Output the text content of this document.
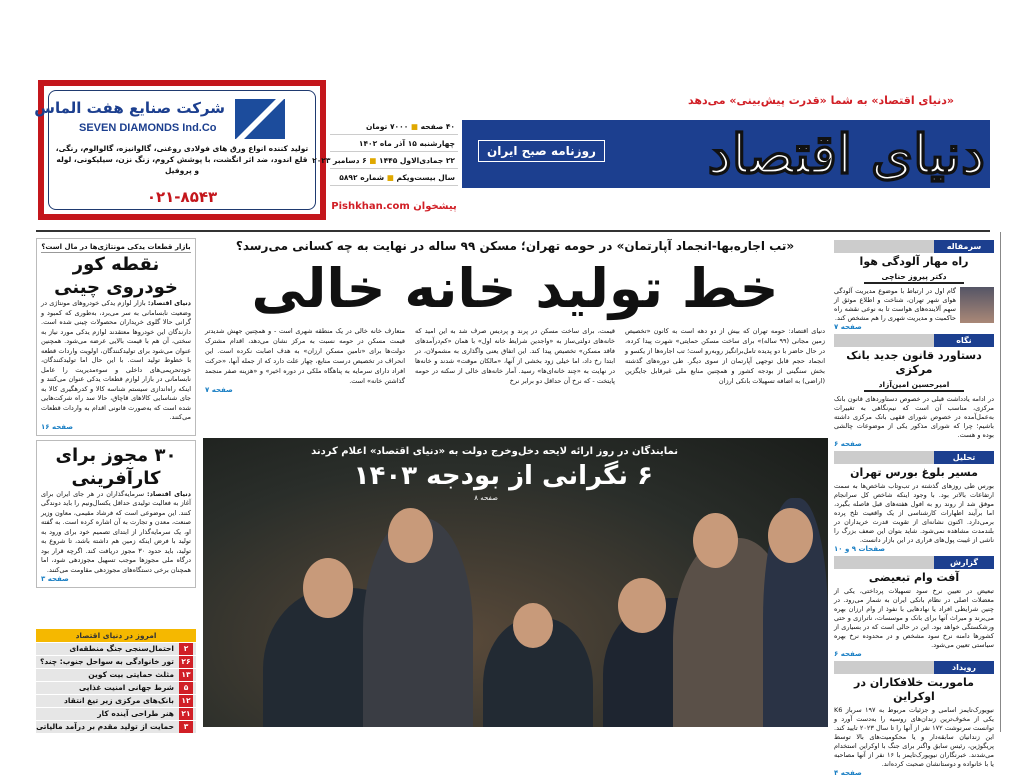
شرکت صنایع هفت الماس
SEVEN DIAMONDS Ind.Co
تولید کننده انواع ورق های فولادی روغنی، گالوانیزه، گالوالوم، رنگی، قلع اندود، ضد اثر انگشت، با پوشش کروم، زنگ نزن، سیلیکونی، لوله و پروفیل
۰۲۱-۸۵۴۳
۴۰ صفحه ■ ۷۰۰۰ تومان
چهارشنبه ۱۵ آذر ماه ۱۴۰۲
۲۲ جمادی‌الاول ۱۴۴۵ ■ ۶ دسامبر ۲۰۲۳
سال بیست‌ویکم ■ شماره ۵۸۹۲	دنیای اقتصاد
روزنامه صبح ایران
«دنیای اقتصاد» به شما «قدرت پیش‌بینی» می‌دهد
پیشخوان Pishkhan.com
«تب اجاره‌بها-انجماد آپارتمان» در حومه تهران؛ مسکن ۹۹ ساله در نهایت به چه کسانی می‌رسد؟
خط تولید خانه خالی
دنیای اقتصاد: حومه تهران که بیش از دو دهه است به کانون «تخصیص زمین مجانی (۹۹ ساله)» برای ساخت مسکن حمایتی» شهرت پیدا کرده، در حال حاضر با دو پدیده تامل‌برانگیز روبه‌رو است؛ تب اجاره‌ها از یکسو و انجماد حجم قابل توجهی آپارتمان از سوی دیگر. طی دوره‌های گذشته بخش سنگینی از بودجه کشور و همچنین منابع ملی غیرقابل جایگزین (اراضی) به اضافه تسهیلات بانکی ارزان
قیمت، برای ساخت مسکن در پرند و پردیس صرف شد به این امید که خانه‌های دولتی‌ساز به «واجدین شرایط خانه اول» با همان «کم‌درآمدهای فاقد مسکن» تخصیص پیدا کند. این اتفاق یعنی واگذاری به مشمولان، در ابتدا رخ داد، اما خیلی زود بخشی از آنها، «مالکان موقت» شدند و خانه‌ها در نهایت به «چند خانه‌ای‌ها» رسید. آمار خانه‌های خالی از سکنه در حومه پایتخت - که نرخ آن حداقل دو برابر نرخ
متعارف خانه خالی در یک منطقه شهری است - و همچنین جهش شدیدتر قیمت مسکن در حومه نسبت به مرکز نشان می‌دهد، اقدام مشترک دولت‌ها برای «تامین مسکن ارزان» به هدف اصابت نکرده است. این انحراف در تخصیص درست منابع، چهار علت دارد که از جمله آنها، «حرکت افراد دارای سرمایه به پناهگاه ملکی در دوره اخیر» و «هزینه صفر منجمد گذاشتن خانه» است.
صفحه ۷
نمایندگان در روز ارائه لایحه دخل‌وخرج دولت به «دنیای اقتصاد» اعلام کردند
۶ نگرانی از بودجه ۱۴۰۳
صفحه ۸
بازار قطعات یدکی مونتاژی‌ها در مال است؟
نقطه کور خودروی چینی

دنیای اقتصاد: بازار لوازم یدکی خودروهای مونتاژی در وضعیت نابسامانی به سر می‌برد، به‌طوری که کمبود و گرانی حالا گلوی خریداران محصولات چینی شده است. دارندگان این خودروها معتقدند لوازم یدکی مورد نیاز به سختی، آن هم با قیمت بالایی عرضه می‌شود. همچنین عنوان می‌شود برای تولیدکنندگان، اولویت واردات قطعه با خطوط تولید است. با این حال اما تولیدکنندگان، خودتحریمی‌های داخلی و سوءمدیریت را عامل نابسامانی در بازار لوازم قطعات یدکی عنوان می‌کنند و اینکه راه‌اندازی سیستم شناسه کالا و کدرهگیری کالا به جای شناسایی کالاهای قاچاق، حالا سد راه شرکت‌هایی شده است که به‌صورت قانونی اقدام به واردات قطعات می‌کنند.

صفحه ۱۶
۳۰ مجوز برای کارآفرینی

دنیای اقتصاد: سرمایه‌گذاران در هر جای ایران برای آغاز به فعالیت تولیدی حداقل یکسال‌ونیم را باید دوندگی کنند. این موضوعی است که فرشاد مقیمی، معاون وزیر صنعت، معدن و تجارت به آن اشاره کرده است. به گفته او، یک سرمایه‌گذار از ابتدای تصمیم خود برای ورود به تولید با فرض اینکه زمین هم داشته باشد، تا شروع به تولید، باید حدود ۳۰ مجوز دریافت کند. اگرچه قرار بود درگاه ملی مجوزها موجب تسهیل مجوزدهی شود، اما همچنان برخی دستگاه‌های مجوزدهی مقاومت می‌کنند.

صفحه ۳
امروز در دنیای اقتصاد
۲احتمال‌سنجی جنگ منطقه‌ای
۲۶تور خانوادگی به سواحل جنوب: چند؟
۱۳مثلث حمایتی بیت کوین
۵شرط جهانی امنیت غذایی
۱۲بانک‌های مرکزی زیر تیغ انتقاد
۲۱هنر طراحی آینده کار
۳حمایت از تولید مقدم بر درآمد مالیاتی
سرمقاله
راه مهار آلودگی هوا
دکتر پیروز حناچی

گام اول در ارتباط با موضوع مدیریت آلودگی هوای شهر تهران، شناخت و اطلاع موثق از سهم آلاینده‌های هواست تا به نوعی نقشه راه حاکمیت و مدیریت شهری را هم مشخص کند.

صفحه ۷
نگاه
دستاورد قانون جدید بانک مرکزی
امیرحسین امین‌آزاد

در ادامه یادداشت قبلی در خصوص دستاوردهای قانون بانک مرکزی، مناسب آن است که نیم‌نگاهی به تغییرات به‌عمل‌آمده در خصوص شورای فقهی بانک مرکزی داشته باشیم؛ چرا که شورای مذکور یکی از موضوعات چالشی بوده و هست.

صفحه ۶
تحلیل
مسیر بلوغ بورس تهران

بورس طی روزهای گذشته در تب‌وتاب شاخص‌ها به سمت ارتفاعات بالاتر بود. با وجود اینکه شاخص کل سرانجام موفق شد از روند رو به افول هفته‌های قبل فاصله بگیرد، اما برآیند اظهارات کارشناسی از یک واقعیت تلخ پرده برمی‌دارد. اکنون نشانه‌ای از تقویت قدرت خریداران در بلندمدت مشاهده نمی‌شود. شاید بتوان این ضعف بزرگ را ناشی از غیبت پول‌های فراری در این بازار دانست.

صفحات ۹ و ۱۰
گزارش
آفت وام تبعیضی

تبعیض در تعیین نرخ سود تسهیلات پرداختی، یکی از معضلات اصلی در نظام بانکی ایران به شمار می‌رود. در چنین شرایطی افراد یا نهادهایی با نفوذ از وام ارزان بهره می‌برند و میراث آنها برای بانک و موسسات، ناترازی و حتی ورشکستگی خواهد بود. این در حالی است که در بسیاری از کشورها دامنه نرخ سود مشخص و در محدوده نرخ بهره سیاستی تعیین می‌شود.

صفحه ۶
رویداد
ماموریت خلافکاران در اوکراین

نیویورک‌تایمز اسامی و جزئیات مربوط به ۱۹۷ سرباز K6 یکی از مخوف‌ترین زندان‌های روسیه را به‌دست آورد و توانست سرنوشت ۱۷۲ نفر از آنها را تا سال ۲۰۲۳ تایید کند. این زندانیان سابقه‌دار و یا محکومیت‌های بالا توسط پریگوژین، رئیس سابق واگنر برای جنگ با اوکراین استخدام می‌شدند. خبرنگاران نیویورک‌تایمز با ۱۶ نفر از آنها مصاحبه یا با خانواده و دوستانشان صحبت کرده‌اند.

صفحه ۴
